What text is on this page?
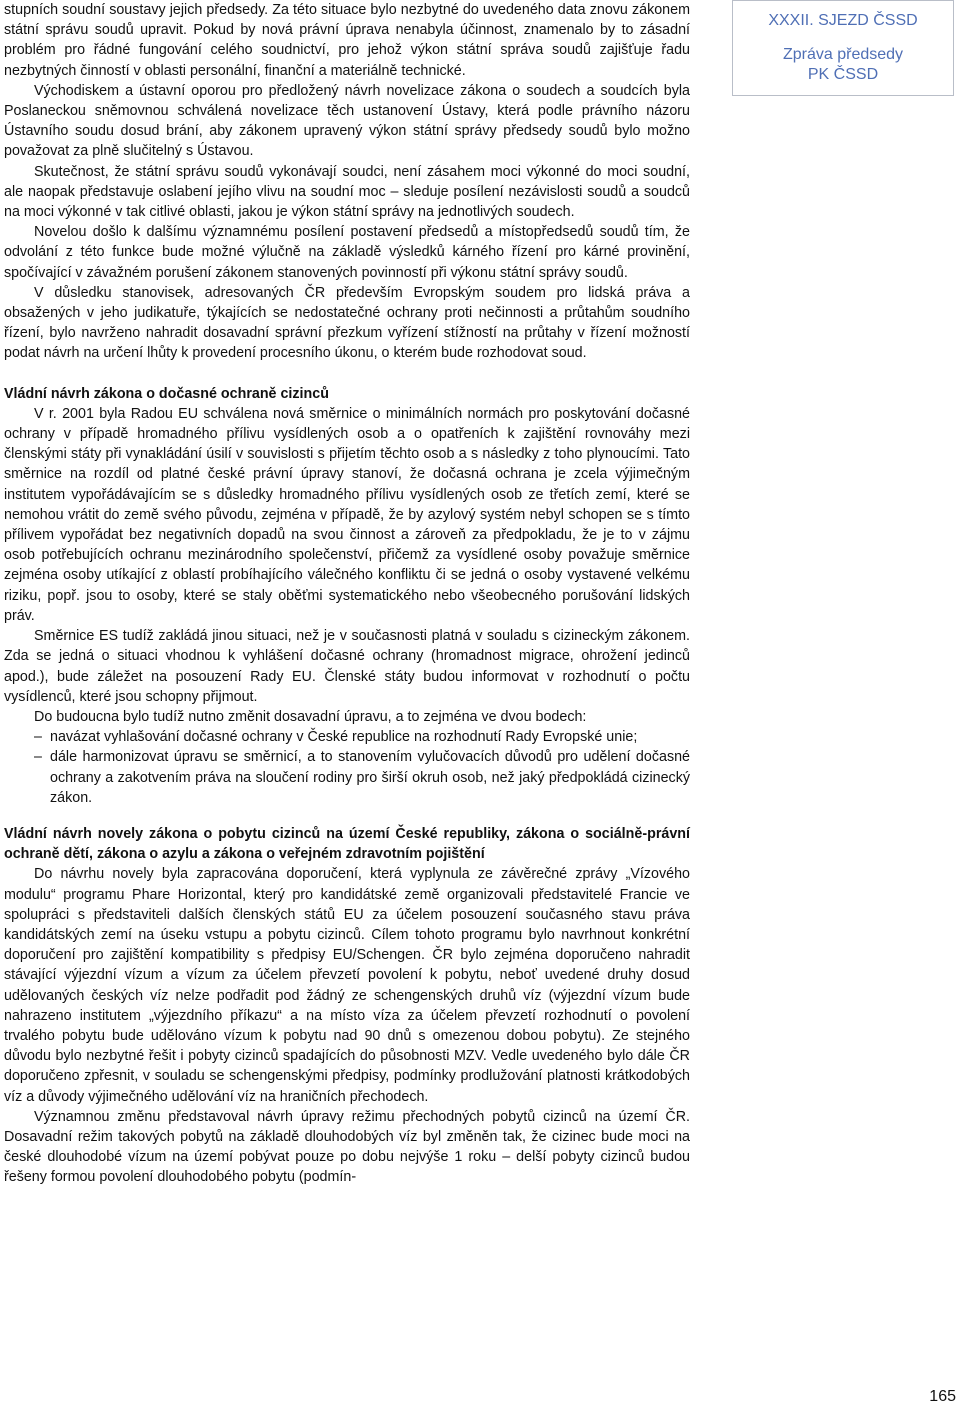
stupních soudní soustavy jejich předsedy. Za této situace bylo nezbytné do uvedeného data znovu zákonem státní správu soudů upravit. Pokud by nová právní úprava nenabyla účinnost, znamenalo by to zásadní problém pro řádné fungování celého soudnictví, pro jehož výkon státní správa soudů zajišťuje řadu nezbytných činností v oblasti personální, finanční a materiálně technické.

Východiskem a ústavní oporou pro předložený návrh novelizace zákona o soudech a soudcích byla Poslaneckou sněmovnou schválená novelizace těch ustanovení Ústavy, která podle právního názoru Ústavního soudu dosud brání, aby zákonem upravený výkon státní správy předsedy soudů bylo možno považovat za plně slučitelný s Ústavou.

Skutečnost, že státní správu soudů vykonávají soudci, není zásahem moci výkonné do moci soudní, ale naopak představuje oslabení jejího vlivu na soudní moc – sleduje posílení nezávislosti soudů a soudců na moci výkonné v tak citlivé oblasti, jakou je výkon státní správy na jednotlivých soudech.

Novelou došlo k dalšímu významnému posílení postavení předsedů a místopředsedů soudů tím, že odvolání z této funkce bude možné výlučně na základě výsledků kárného řízení pro kárné provinění, spočívající v závažném porušení zákonem stanovených povinností při výkonu státní správy soudů.

V důsledku stanovisek, adresovaných ČR především Evropským soudem pro lidská práva a obsažených v jeho judikatuře, týkajících se nedostatečné ochrany proti nečinnosti a průtahům soudního řízení, bylo navrženo nahradit dosavadní správní přezkum vyřízení stížností na průtahy v řízení možností podat návrh na určení lhůty k provedení procesního úkonu, o kterém bude rozhodovat soud.

Vládní návrh zákona o dočasné ochraně cizinců

V r. 2001 byla Radou EU schválena nová směrnice o minimálních normách pro poskytování dočasné ochrany v případě hromadného přílivu vysídlených osob a o opatřeních k zajištění rovnováhy mezi členskými státy při vynakládání úsilí v souvislosti s přijetím těchto osob a s následky z toho plynoucími. Tato směrnice na rozdíl od platné české právní úpravy stanoví, že dočasná ochrana je zcela výjimečným institutem vypořádávajícím se s důsledky hromadného přílivu vysídlených osob ze třetích zemí, které se nemohou vrátit do země svého původu, zejména v případě, že by azylový systém nebyl schopen se s tímto přílivem vypořádat bez negativních dopadů na svou činnost a zároveň za předpokladu, že je to v zájmu osob potřebujících ochranu mezinárodního společenství, přičemž za vysídlené osoby považuje směrnice zejména osoby utíkající z oblastí probíhajícího válečného konfliktu či se jedná o osoby vystavené velkému riziku, popř. jsou to osoby, které se staly oběťmi systematického nebo všeobecného porušování lidských práv.

Směrnice ES tudíž zakládá jinou situaci, než je v současnosti platná v souladu s cizineckým zákonem. Zda se jedná o situaci vhodnou k vyhlášení dočasné ochrany (hromadnost migrace, ohrožení jedinců apod.), bude záležet na posouzení Rady EU. Členské státy budou informovat v rozhodnutí o počtu vysídlenců, které jsou schopny přijmout.

Do budoucna bylo tudíž nutno změnit dosavadní úpravu, a to zejména ve dvou bodech:

– navázat vyhlašování dočasné ochrany v České republice na rozhodnutí Rady Evropské unie;
– dále harmonizovat úpravu se směrnicí, a to stanovením vylučovacích důvodů pro udělení dočasné ochrany a zakotvením práva na sloučení rodiny pro širší okruh osob, než jaký předpokládá cizinecký zákon.
Vládní návrh novely zákona o pobytu cizinců na území České republiky, zákona o sociálně-právní ochraně dětí, zákona o azylu a zákona o veřejném zdravotním pojištění

Do návrhu novely byla zapracována doporučení, která vyplynula ze závěrečné zprávy „Vízového modulu“ programu Phare Horizontal, který pro kandidátské země organizovali představitelé Francie ve spolupráci s představiteli dalších členských států EU za účelem posouzení současného stavu práva kandidátských zemí na úseku vstupu a pobytu cizinců. Cílem tohoto programu bylo navrhnout konkrétní doporučení pro zajištění kompatibility s předpisy EU/Schengen. ČR bylo zejména doporučeno nahradit stávající výjezdní vízum a vízum za účelem převzetí povolení k pobytu, neboť uvedené druhy dosud udělovaných českých víz nelze podřadit pod žádný ze schengenských druhů víz (výjezdní vízum bude nahrazeno institutem „výjezdního příkazu“ a na místo víza za účelem převzetí rozhodnutí o povolení trvalého pobytu bude udělováno vízum k pobytu nad 90 dnů s omezenou dobou pobytu). Ze stejného důvodu bylo nezbytné řešit i pobyty cizinců spadajících do působnosti MZV. Vedle uvedeného bylo dále ČR doporučeno zpřesnit, v souladu se schengenskými předpisy, podmínky prodlužování platnosti krátkodobých víz a důvody výjimečného udělování víz na hraničních přechodech.

Významnou změnu představoval návrh úpravy režimu přechodných pobytů cizinců na území ČR. Dosavadní režim takových pobytů na základě dlouhodobých víz byl změněn tak, že cizinec bude moci na české dlouhodobé vízum na území pobývat pouze po dobu nejvýše 1 roku – delší pobyty cizinců budou řešeny formou povolení dlouhodobého pobytu (podmín-

XXXII. SJEZD ČSSD
Zpráva předsedy
PK ČSSD
165
